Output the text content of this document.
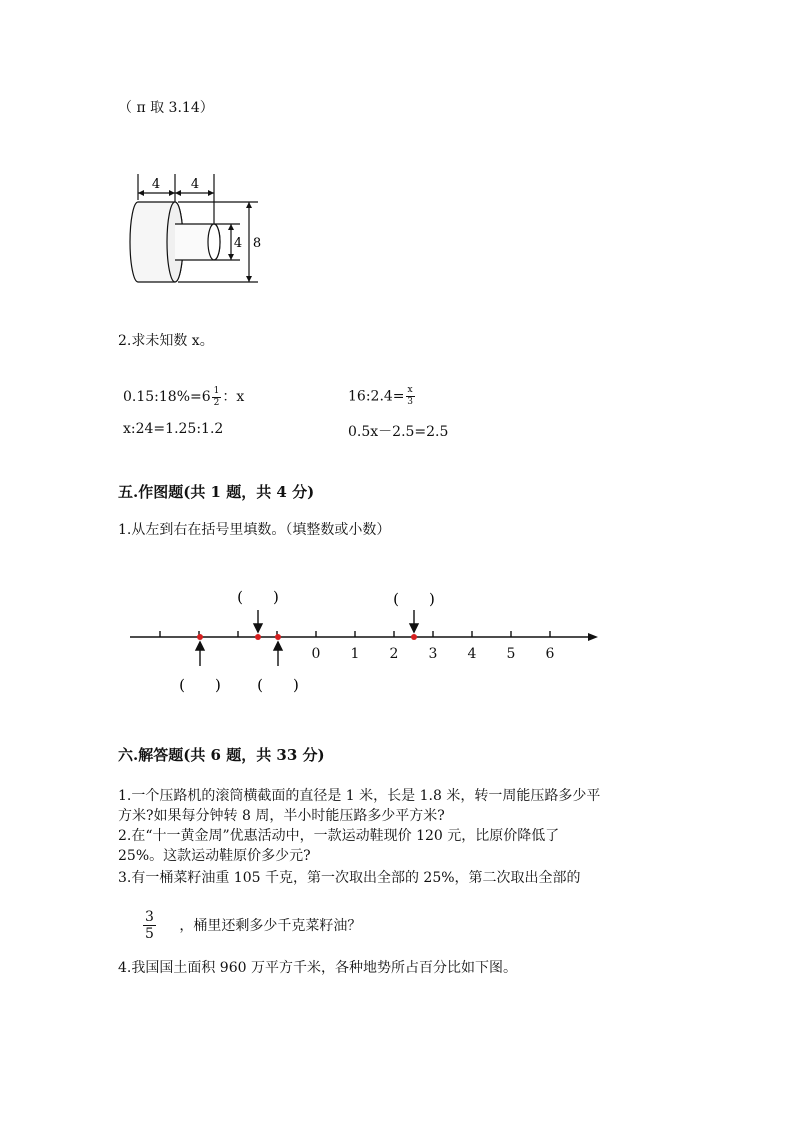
（ π 取 3.14）
4 4
4 8
2.求未知数 x。
0.15:18%=6 $\frac{1}{2}$ ：x	16:2.4= $\frac{x}{3}$
x:24=1.25:1.2	0.5x－2.5=2.5
五.作图题(共 1 题，共 4 分)
1.从左到右在括号里填数。（填整数或小数）
0 1 2 3 4 5 6
(　　)	(　　)
(　　) (　　)
六.解答题(共 6 题，共 33 分)
1.一个压路机的滚筒横截面的直径是 1 米，长是 1.8 米，转一周能压路多少平
方米?如果每分钟转 8 周，半小时能压路多少平方米?
2.在“十一黄金周”优惠活动中，一款运动鞋现价 120 元，比原价降低了
25%。这款运动鞋原价多少元?
3.有一桶菜籽油重 105 千克，第一次取出全部的 25%，第二次取出全部的
$\frac{3}{5}$ ，桶里还剩多少千克菜籽油？
4.我国国土面积 960 万平方千米，各种地势所占百分比如下图。
